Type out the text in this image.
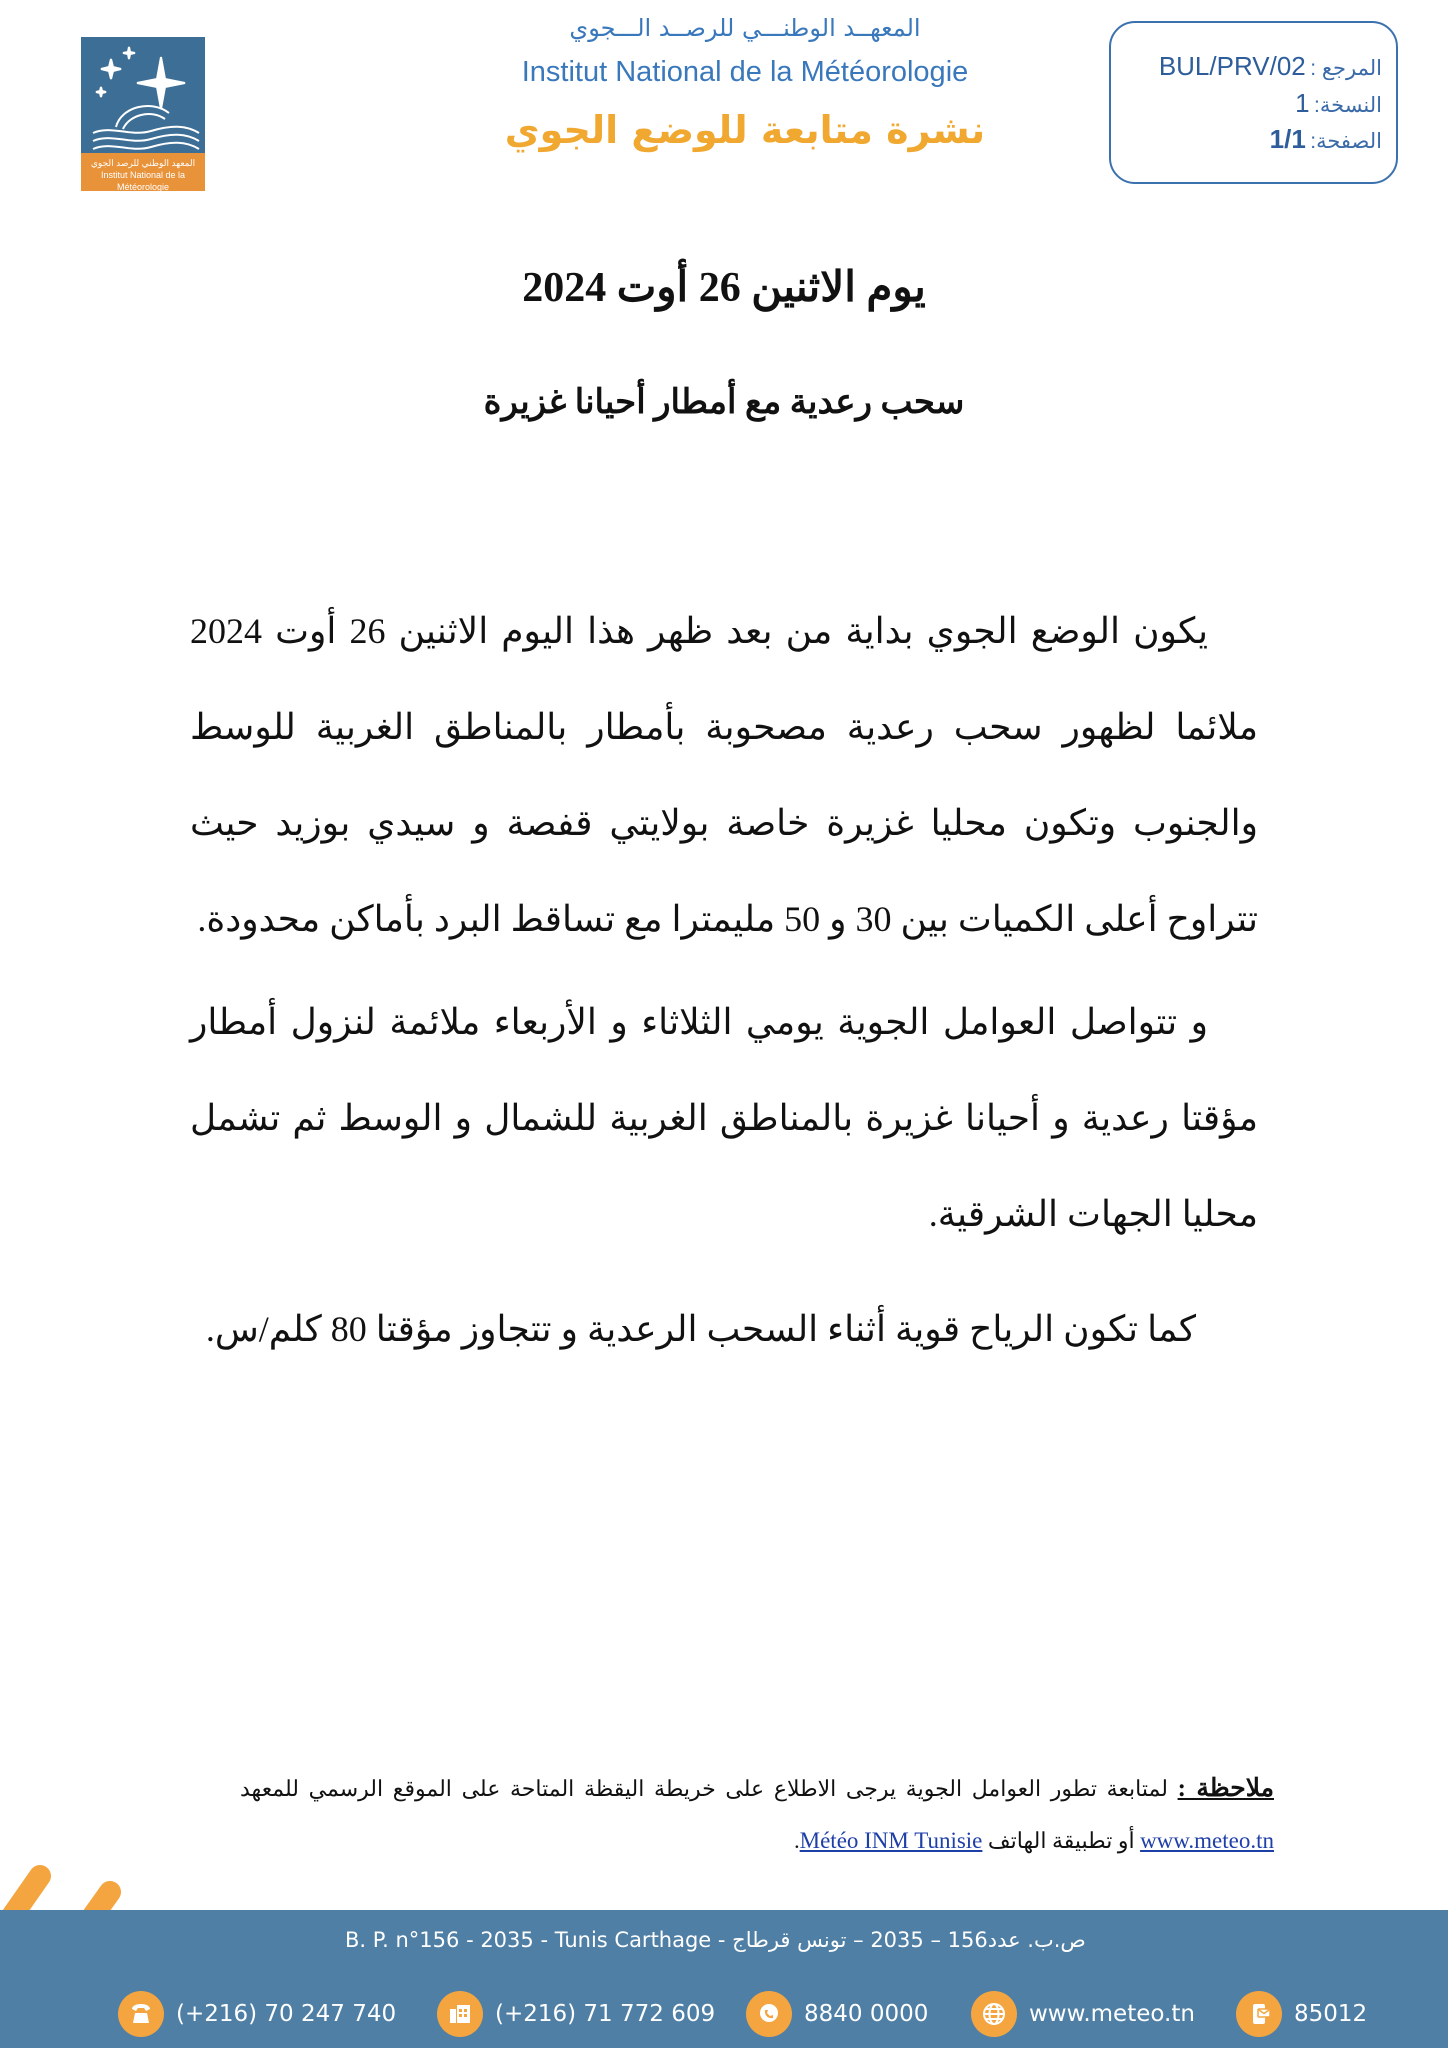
المعهد الوطني للرصد الجوي
Institut National de la Météorologie
المعهــد الوطنـــي للرصــد الـــجوي
Institut National de la Météorologie
نشرة متابعة للوضع الجوي
المرجع : BUL/PRV/02
النسخة: 1
الصفحة: 1/1
يوم الاثنين 26 أوت 2024
سحب رعدية مع أمطار أحيانا غزيرة
يكون الوضع الجوي بداية من بعد ظهر هذا اليوم الاثنين 26 أوت 2024 ملائما لظهور سحب رعدية مصحوبة بأمطار بالمناطق الغربية للوسط والجنوب وتكون محليا غزيرة خاصة بولايتي قفصة و سيدي بوزيد حيث تتراوح أعلى الكميات بين 30 و 50 مليمترا مع تساقط البرد بأماكن محدودة.
و تتواصل العوامل الجوية يومي الثلاثاء و الأربعاء ملائمة لنزول أمطار مؤقتا رعدية و أحيانا غزيرة بالمناطق الغربية للشمال و الوسط ثم تشمل محليا الجهات الشرقية.
كما تكون الرياح قوية أثناء السحب الرعدية و تتجاوز مؤقتا 80 كلم/س.
ملاحظة : لمتابعة تطور العوامل الجوية يرجى الاطلاع على خريطة اليقظة المتاحة على الموقع الرسمي للمعهد www.meteo.tn أو تطبيقة الهاتف Météo INM Tunisie.
B. P. n°156 - 2035 - Tunis Carthage - ص.ب. عدد156 – 2035 – تونس قرطاج
(+216) 70 247 740	(+216) 71 772 609	8840 0000	www.meteo.tn	85012
